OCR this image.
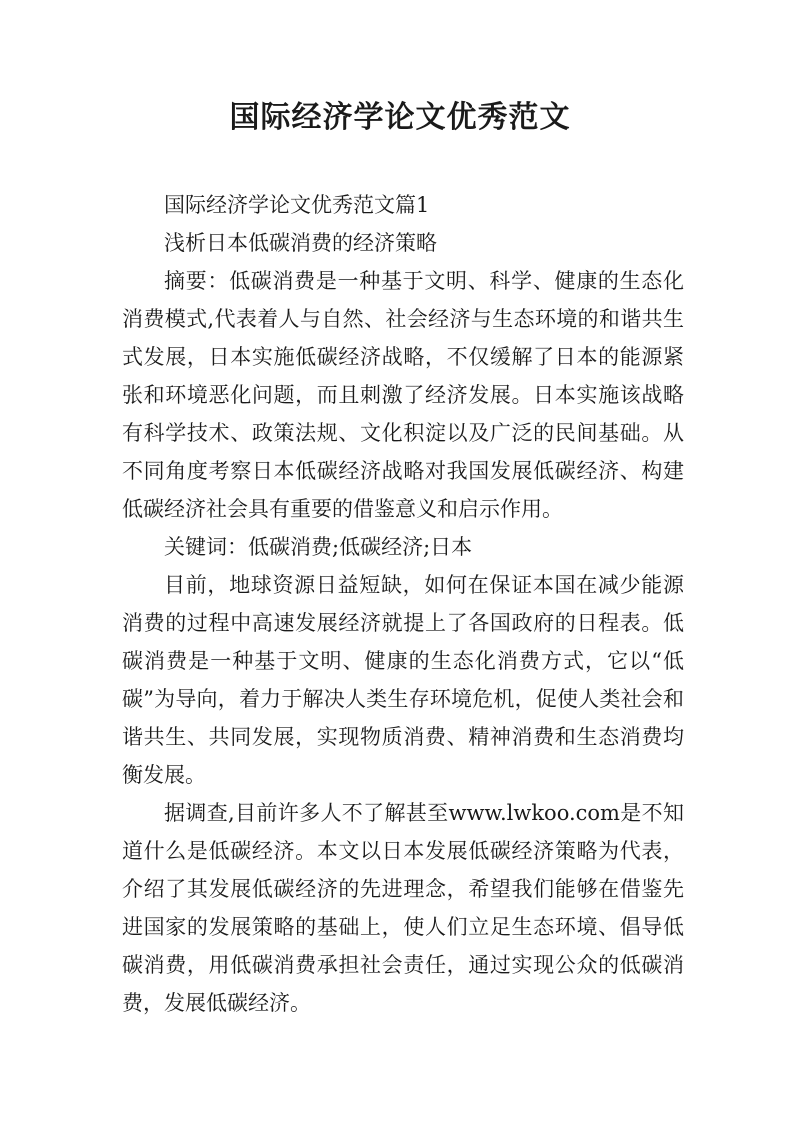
国际经济学论文优秀范文

国际经济学论文优秀范文篇1

浅析日本低碳消费的经济策略

摘要：低碳消费是一种基于文明、科学、健康的生态化消费模式,代表着人与自然、社会经济与生态环境的和谐共生式发展，日本实施低碳经济战略，不仅缓解了日本的能源紧张和环境恶化问题，而且刺激了经济发展。日本实施该战略有科学技术、政策法规、文化积淀以及广泛的民间基础。从不同角度考察日本低碳经济战略对我国发展低碳经济、构建低碳经济社会具有重要的借鉴意义和启示作用。

关键词：低碳消费;低碳经济;日本

目前，地球资源日益短缺，如何在保证本国在减少能源消费的过程中高速发展经济就提上了各国政府的日程表。低碳消费是一种基于文明、健康的生态化消费方式，它以“低碳”为导向，着力于解决人类生存环境危机，促使人类社会和谐共生、共同发展，实现物质消费、精神消费和生态消费均衡发展。

据调查,目前许多人不了解甚至www.lwkoo.com是不知道什么是低碳经济。本文以日本发展低碳经济策略为代表，介绍了其发展低碳经济的先进理念，希望我们能够在借鉴先进国家的发展策略的基础上，使人们立足生态环境、倡导低碳消费，用低碳消费承担社会责任，通过实现公众的低碳消费，发展低碳经济。
